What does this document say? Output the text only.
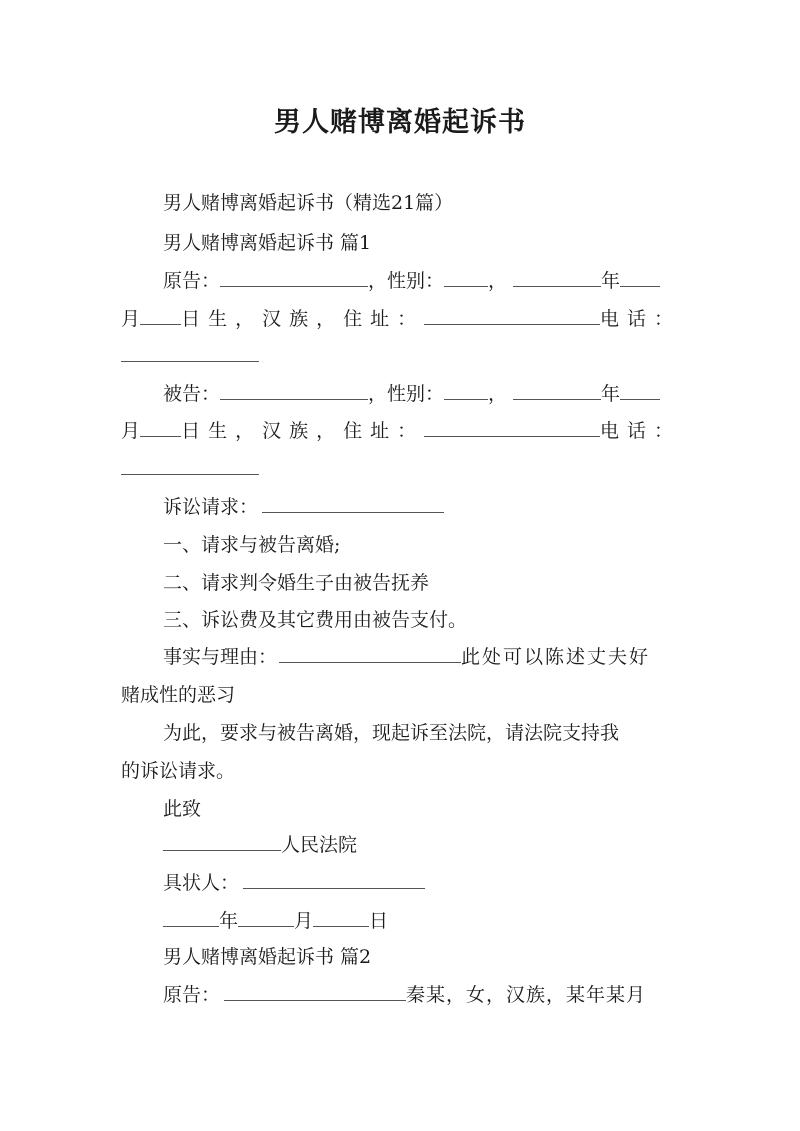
男人赌博离婚起诉书
男人赌博离婚起诉书（精选21篇）
男人赌博离婚起诉书 篇1
原告：	，性别： ，	年
月 日生，汉族，住址：	电话：
被告：	，性别： ，	年
月 日生，汉族，住址：	电话：
诉讼请求：
一、请求与被告离婚;
二、请求判令婚生子由被告抚养
三、诉讼费及其它费用由被告支付。
事实与理由：	此处可以陈述丈夫好
赌成性的恶习
为此，要求与被告离婚，现起诉至法院，请法院支持我
的诉讼请求。
此致
人民法院
具状人：
年	月	日
男人赌博离婚起诉书 篇2
原告：	秦某，女，汉族，某年某月
